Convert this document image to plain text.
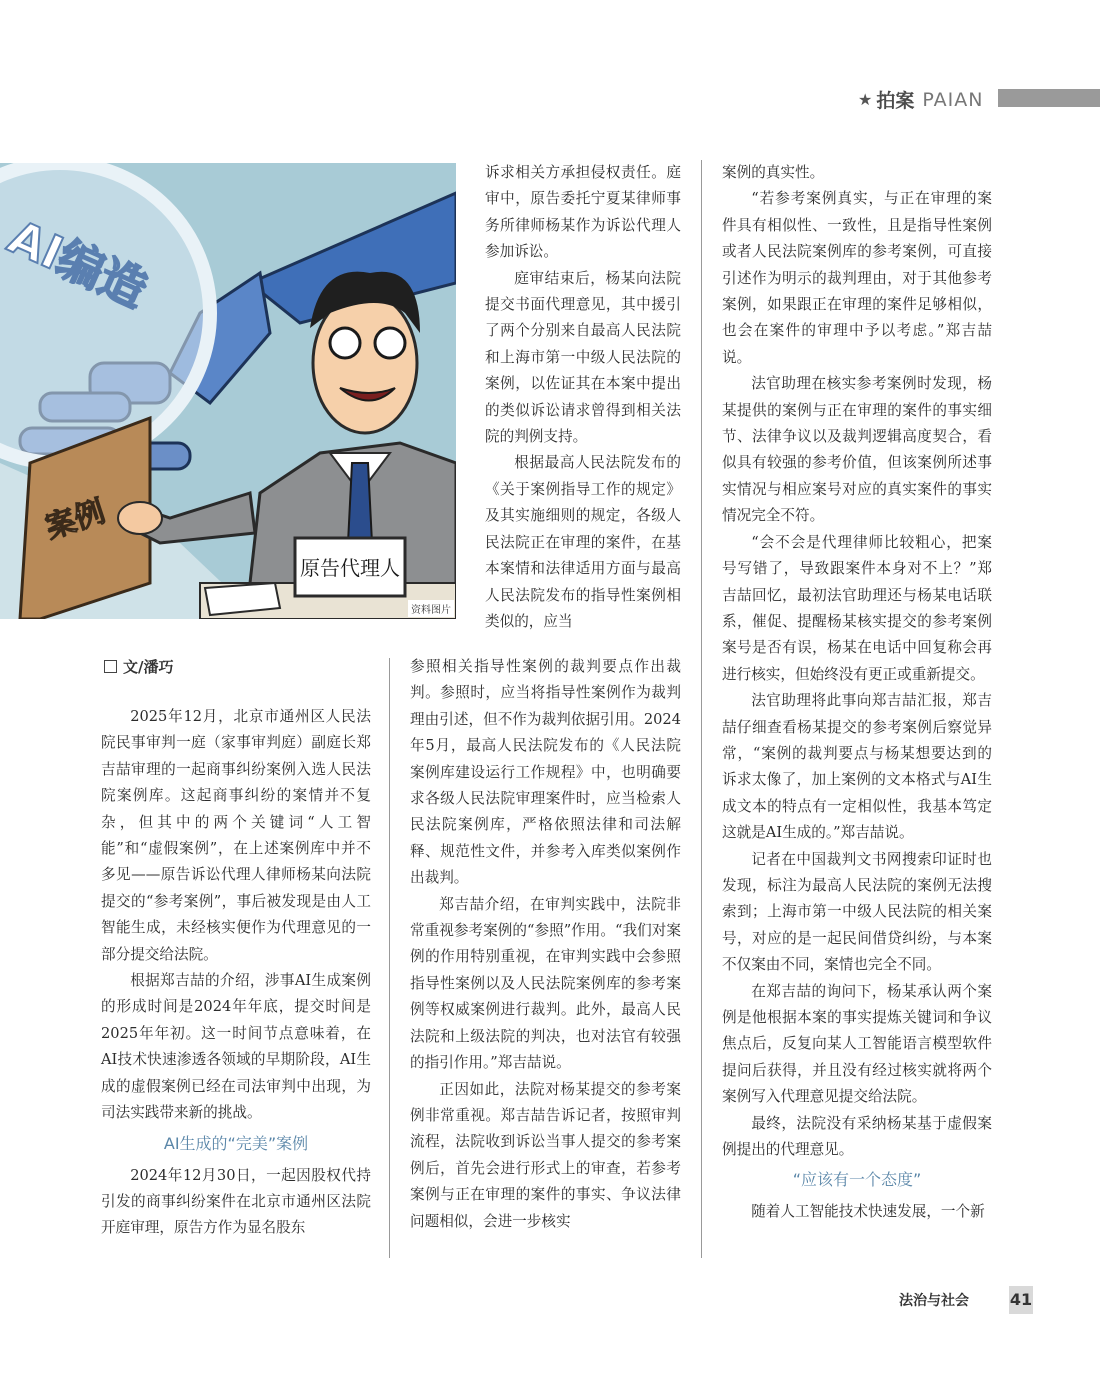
★ 拍案 PAIAN
AI编造
案例
原告代理人
资料图片
文/潘巧

2025年12月，北京市通州区人民法院民事审判一庭（家事审判庭）副庭长郑吉喆审理的一起商事纠纷案例入选人民法院案例库。这起商事纠纷的案情并不复杂，但其中的两个关键词“人工智能”和“虚假案例”，在上述案例库中并不多见——原告诉讼代理人律师杨某向法院提交的“参考案例”，事后被发现是由人工智能生成，未经核实便作为代理意见的一部分提交给法院。

根据郑吉喆的介绍，涉事AI生成案例的形成时间是2024年年底，提交时间是2025年年初。这一时间节点意味着，在AI技术快速渗透各领域的早期阶段，AI生成的虚假案例已经在司法审判中出现，为司法实践带来新的挑战。

AI生成的“完美”案例

2024年12月30日，一起因股权代持引发的商事纠纷案件在北京市通州区法院开庭审理，原告方作为显名股东

诉求相关方承担侵权责任。庭审中，原告委托宁夏某律师事务所律师杨某作为诉讼代理人参加诉讼。

庭审结束后，杨某向法院提交书面代理意见，其中援引了两个分别来自最高人民法院和上海市第一中级人民法院的案例，以佐证其在本案中提出的类似诉讼请求曾得到相关法院的判例支持。

根据最高人民法院发布的《关于案例指导工作的规定》及其实施细则的规定，各级人民法院正在审理的案件，在基本案情和法律适用方面与最高人民法院发布的指导性案例相类似的，应当

参照相关指导性案例的裁判要点作出裁判。参照时，应当将指导性案例作为裁判理由引述，但不作为裁判依据引用。2024年5月，最高人民法院发布的《人民法院案例库建设运行工作规程》中，也明确要求各级人民法院审理案件时，应当检索人民法院案例库，严格依照法律和司法解释、规范性文件，并参考入库类似案例作出裁判。

郑吉喆介绍，在审判实践中，法院非常重视参考案例的“参照”作用。“我们对案例的作用特别重视，在审判实践中会参照指导性案例以及人民法院案例库的参考案例等权威案例进行裁判。此外，最高人民法院和上级法院的判决，也对法官有较强的指引作用。”郑吉喆说。

正因如此，法院对杨某提交的参考案例非常重视。郑吉喆告诉记者，按照审判流程，法院收到诉讼当事人提交的参考案例后，首先会进行形式上的审查，若参考案例与正在审理的案件的事实、争议法律问题相似，会进一步核实

案例的真实性。

“若参考案例真实，与正在审理的案件具有相似性、一致性，且是指导性案例或者人民法院案例库的参考案例，可直接引述作为明示的裁判理由，对于其他参考案例，如果跟正在审理的案件足够相似，也会在案件的审理中予以考虑。”郑吉喆说。

法官助理在核实参考案例时发现，杨某提供的案例与正在审理的案件的事实细节、法律争议以及裁判逻辑高度契合，看似具有较强的参考价值，但该案例所述事实情况与相应案号对应的真实案件的事实情况完全不符。

“会不会是代理律师比较粗心，把案号写错了，导致跟案件本身对不上？”郑吉喆回忆，最初法官助理还与杨某电话联系，催促、提醒杨某核实提交的参考案例案号是否有误，杨某在电话中回复称会再进行核实，但始终没有更正或重新提交。

法官助理将此事向郑吉喆汇报，郑吉喆仔细查看杨某提交的参考案例后察觉异常，“案例的裁判要点与杨某想要达到的诉求太像了，加上案例的文本格式与AI生成文本的特点有一定相似性，我基本笃定这就是AI生成的。”郑吉喆说。

记者在中国裁判文书网搜索印证时也发现，标注为最高人民法院的案例无法搜索到；上海市第一中级人民法院的相关案号，对应的是一起民间借贷纠纷，与本案不仅案由不同，案情也完全不同。

在郑吉喆的询问下，杨某承认两个案例是他根据本案的事实提炼关键词和争议焦点后，反复向某人工智能语言模型软件提问后获得，并且没有经过核实就将两个案例写入代理意见提交给法院。

最终，法院没有采纳杨某基于虚假案例提出的代理意见。

“应该有一个态度”

随着人工智能技术快速发展，一个新

法治与社会	41
